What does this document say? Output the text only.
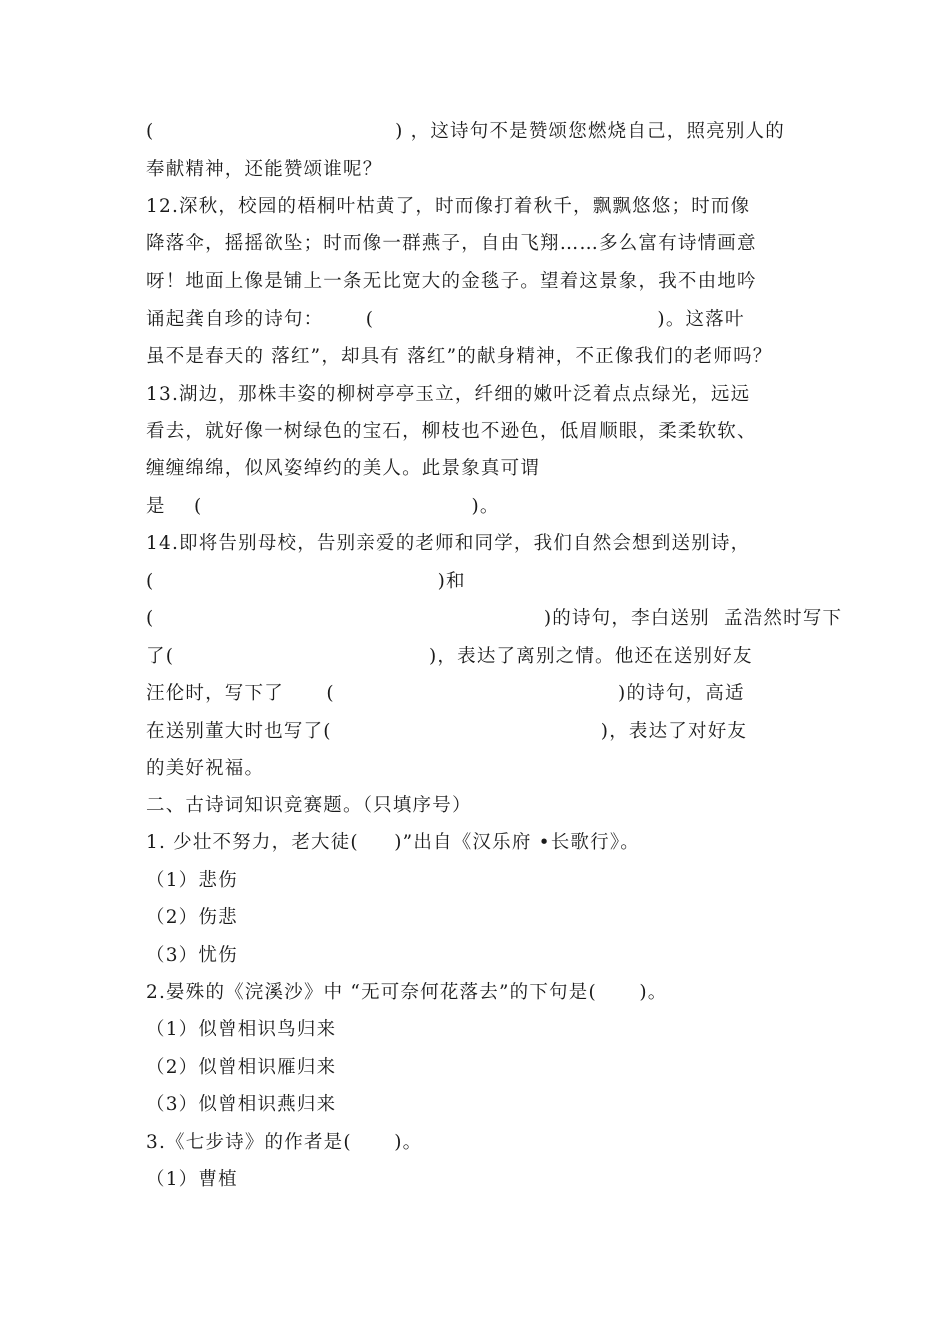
(                                  ) ，这诗句不是赞颂您燃烧自己，照亮别人的
奉献精神，还能赞颂谁呢？
12.深秋，校园的梧桐叶枯黄了，时而像打着秋千，飘飘悠悠；时而像
降落伞，摇摇欲坠；时而像一群燕子，自由飞翔……多么富有诗情画意
呀！地面上像是铺上一条无比宽大的金毯子。望着这景象，我不由地吟
诵起龚自珍的诗句：      (                                        )。这落叶
虽不是春天的 落红”，却具有 落红”的献身精神，不正像我们的老师吗？
13.湖边，那株丰姿的柳树亭亭玉立，纤细的嫩叶泛着点点绿光，远远
看去，就好像一树绿色的宝石，柳枝也不逊色，低眉顺眼，柔柔软软、
缠缠绵绵，似风姿绰约的美人。此景象真可谓
是    (                                      )。
14.即将告别母校，告别亲爱的老师和同学，我们自然会想到送别诗，
(                                        )和
(                                                       )的诗句，李白送别  孟浩然时写下
了(                                    )，表达了离别之情。他还在送别好友
汪伦时，写下了      (                                        )的诗句，高适
在送别董大时也写了(                                      )，表达了对好友
的美好祝福。
二、古诗词知识竞赛题。（只填序号）
1. 少壮不努力，老大徒(     )”出自《汉乐府 •长歌行》。
（1）悲伤
（2）伤悲
（3）忧伤
2.晏殊的《浣溪沙》中 “无可奈何花落去”的下句是(      )。
（1）似曾相识鸟归来
（2）似曾相识雁归来
（3）似曾相识燕归来
3.《七步诗》的作者是(      )。
（1）曹植
